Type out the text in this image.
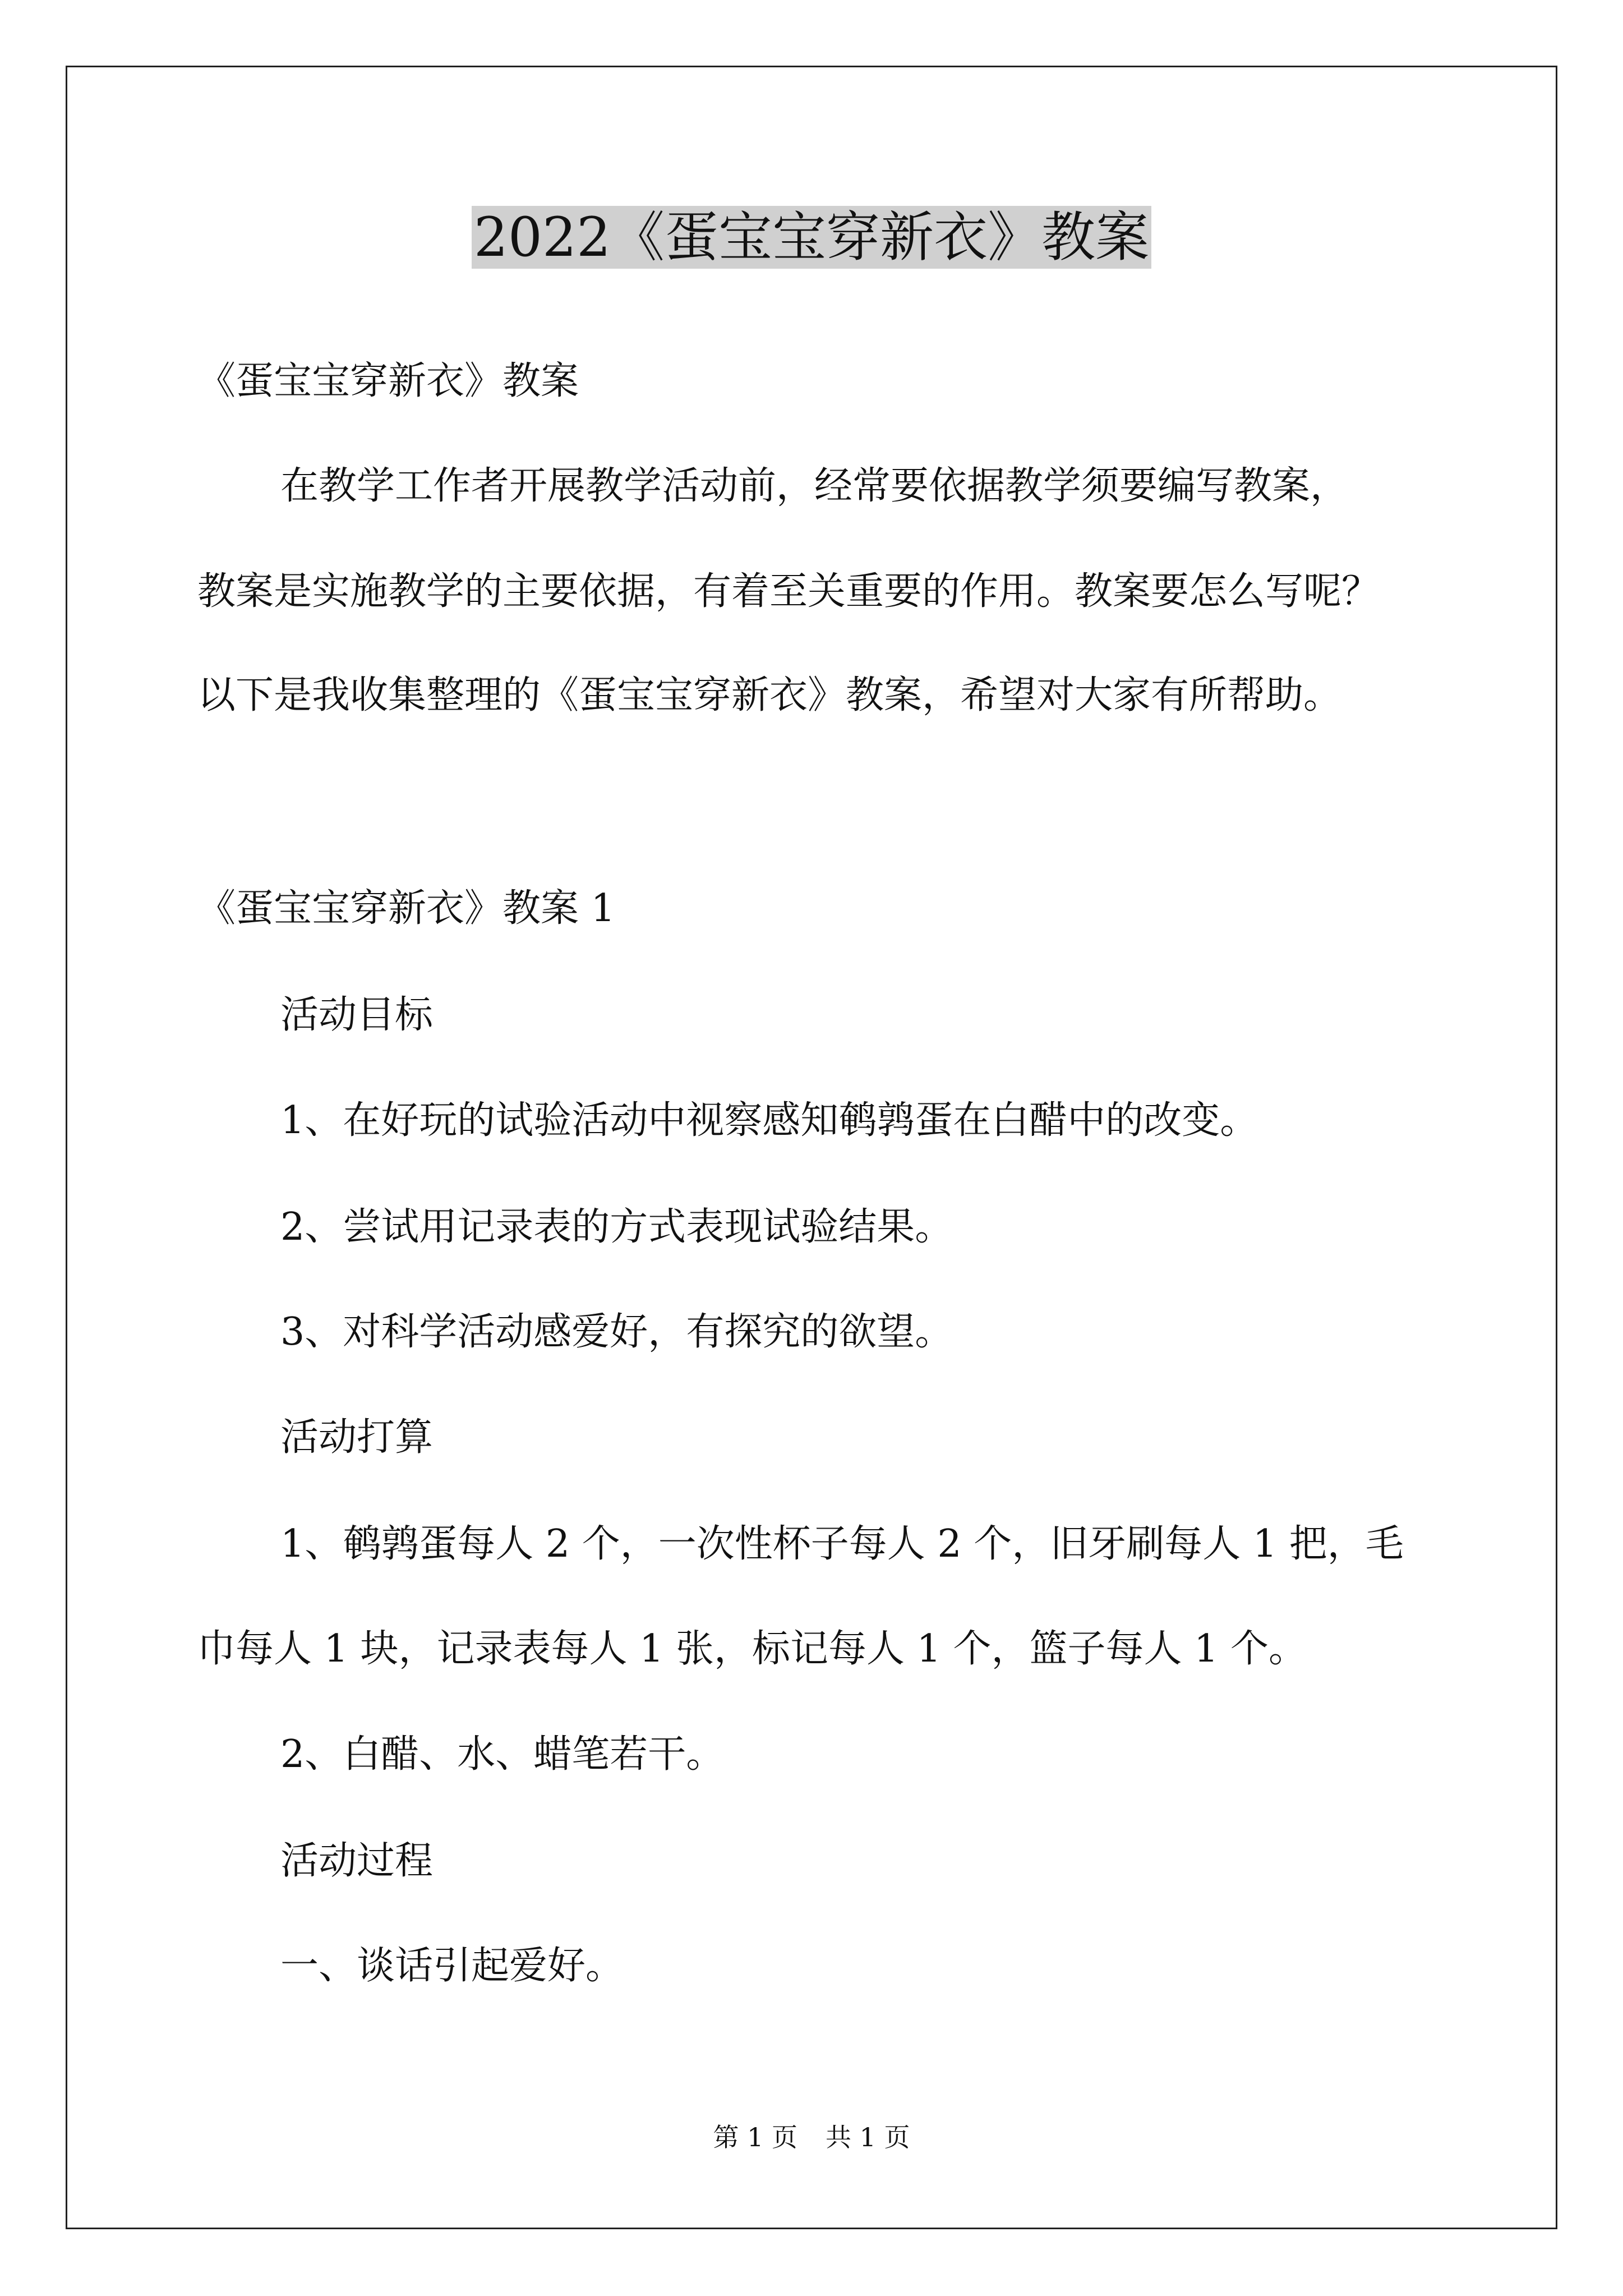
2022《蛋宝宝穿新衣》教案

《蛋宝宝穿新衣》教案

在教学工作者开展教学活动前，经常要依据教学须要编写教案，

教案是实施教学的主要依据，有着至关重要的作用。教案要怎么写呢？

以下是我收集整理的《蛋宝宝穿新衣》教案，希望对大家有所帮助。

《蛋宝宝穿新衣》教案 1

活动目标

1、在好玩的试验活动中视察感知鹌鹑蛋在白醋中的改变。

2、尝试用记录表的方式表现试验结果。

3、对科学活动感爱好，有探究的欲望。

活动打算

1、鹌鹑蛋每人 2 个，一次性杯子每人 2 个，旧牙刷每人 1 把，毛

巾每人 1 块，记录表每人 1 张，标记每人 1 个，篮子每人 1 个。

2、白醋、水、蜡笔若干。

活动过程

一、谈话引起爱好。

第 1 页 共 1 页
